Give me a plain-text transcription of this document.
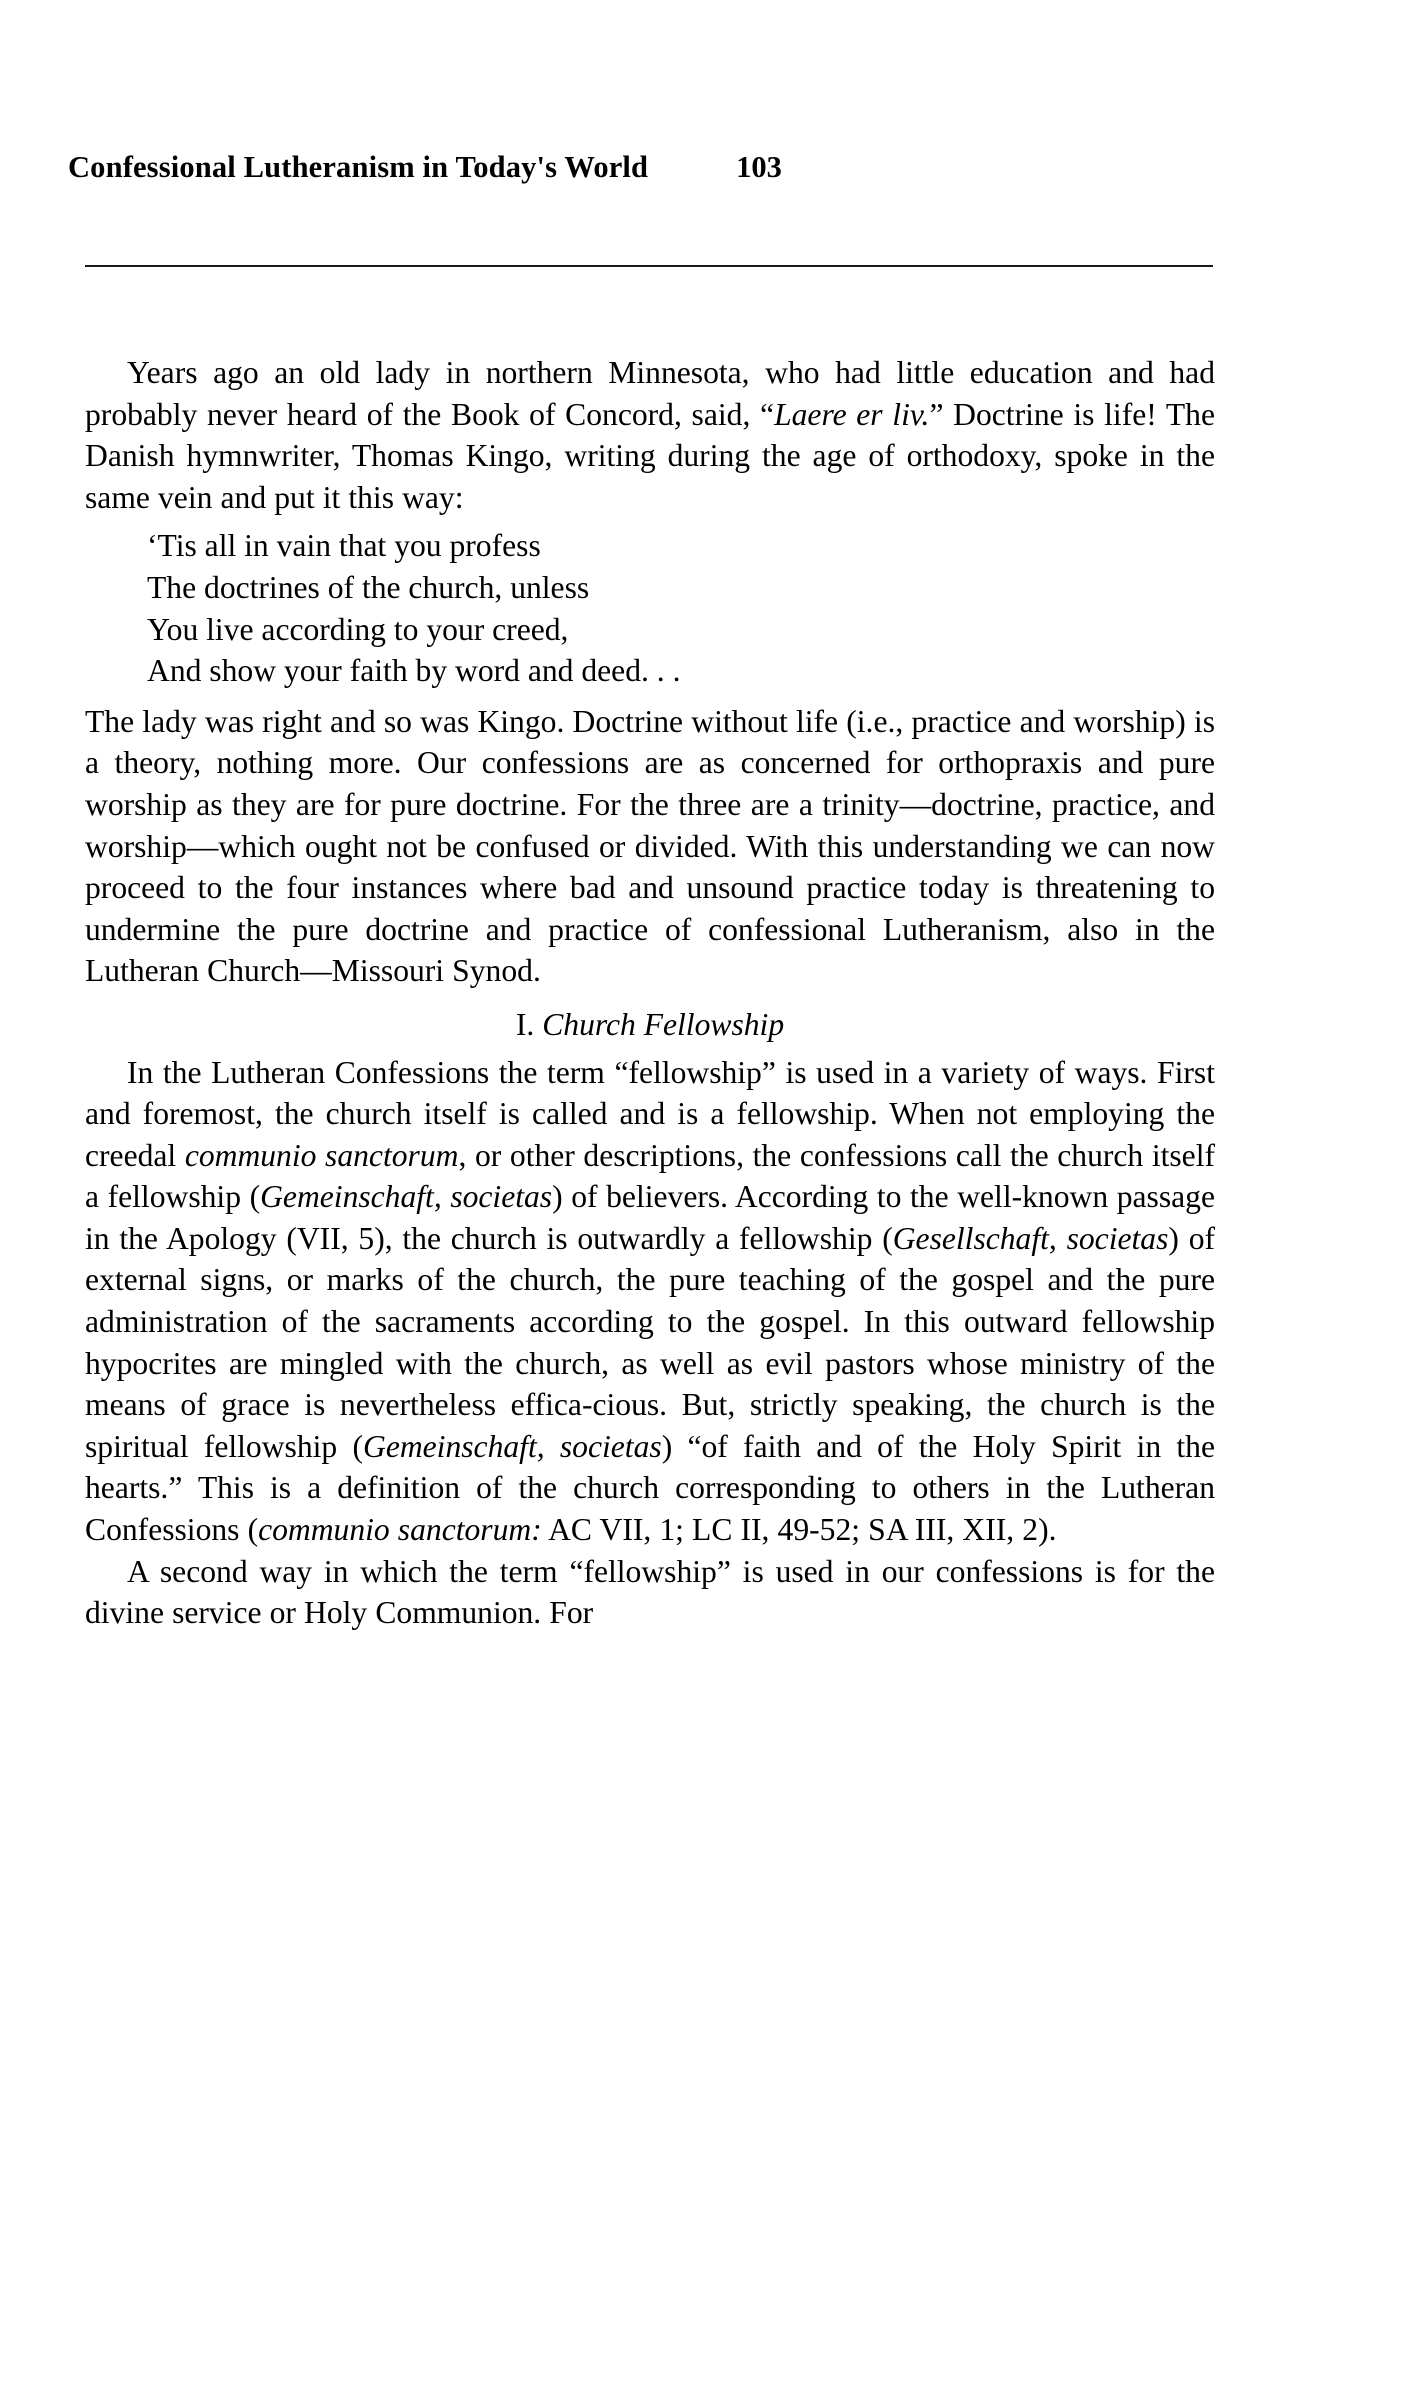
Confessional Lutheranism in Today's World	103

Years ago an old lady in northern Minnesota, who had little education and had probably never heard of the Book of Concord, said, “Laere er liv.” Doctrine is life! The Danish hymnwriter, Thomas Kingo, writing during the age of orthodoxy, spoke in the same vein and put it this way:

‘Tis all in vain that you profess
The doctrines of the church, unless
You live according to your creed,
And show your faith by word and deed. . .

The lady was right and so was Kingo. Doctrine without life (i.e., practice and worship) is a theory, nothing more. Our confessions are as concerned for orthopraxis and pure worship as they are for pure doctrine. For the three are a trinity—doctrine, practice, and worship—which ought not be confused or divided. With this understanding we can now proceed to the four instances where bad and unsound practice today is threatening to undermine the pure doctrine and practice of confessional Lutheranism, also in the Lutheran Church—Missouri Synod.

I. Church Fellowship

In the Lutheran Confessions the term “fellowship” is used in a variety of ways. First and foremost, the church itself is called and is a fellowship. When not employing the creedal communio sanctorum, or other descriptions, the confessions call the church itself a fellowship (Gemeinschaft, societas) of believers. According to the well-known passage in the Apology (VII, 5), the church is outwardly a fellowship (Gesellschaft, societas) of external signs, or marks of the church, the pure teaching of the gospel and the pure administration of the sacraments according to the gospel. In this outward fellowship hypocrites are mingled with the church, as well as evil pastors whose ministry of the means of grace is nevertheless effica-cious. But, strictly speaking, the church is the spiritual fellowship (Gemeinschaft, societas) “of faith and of the Holy Spirit in the hearts.” This is a definition of the church corresponding to others in the Lutheran Confessions (communio sanctorum: AC VII, 1; LC II, 49-52; SA III, XII, 2).

A second way in which the term “fellowship” is used in our confessions is for the divine service or Holy Communion. For
